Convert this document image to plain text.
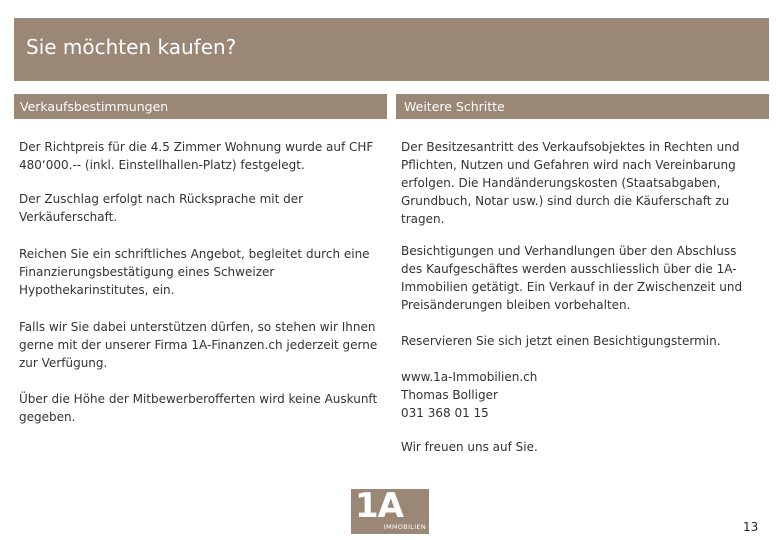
Sie möchten kaufen?
Verkaufsbestimmungen	Weitere Schritte

Der Richtpreis für die 4.5 Zimmer Wohnung wurde auf CHF 480‘000.-- (inkl. Einstellhallen-Platz) festgelegt.

Der Zuschlag erfolgt nach Rücksprache mit der Verkäuferschaft.

Reichen Sie ein schriftliches Angebot, begleitet durch eine Finanzierungsbestätigung eines Schweizer Hypothekarinstitutes, ein.

Falls wir Sie dabei unterstützen dürfen, so stehen wir Ihnen gerne mit der unserer Firma 1A-Finanzen.ch jederzeit gerne zur Verfügung.

Über die Höhe der Mitbewerberofferten wird keine Auskunft gegeben.

Der Besitzesantritt des Verkaufsobjektes in Rechten und Pflichten, Nutzen und Gefahren wird nach Vereinbarung erfolgen. Die Handänderungskosten (Staatsabgaben, Grundbuch, Notar usw.) sind durch die Käuferschaft zu tragen.

Besichtigungen und Verhandlungen über den Abschluss des Kaufgeschäftes werden ausschliesslich über die 1A-Immobilien getätigt. Ein Verkauf in der Zwischenzeit und Preisänderungen bleiben vorbehalten.

Reservieren Sie sich jetzt einen Besichtigungstermin.

www.1a-Immobilien.ch
Thomas Bolliger
031 368 01 15

Wir freuen uns auf Sie.

1A
IMMOBILIEN	13
